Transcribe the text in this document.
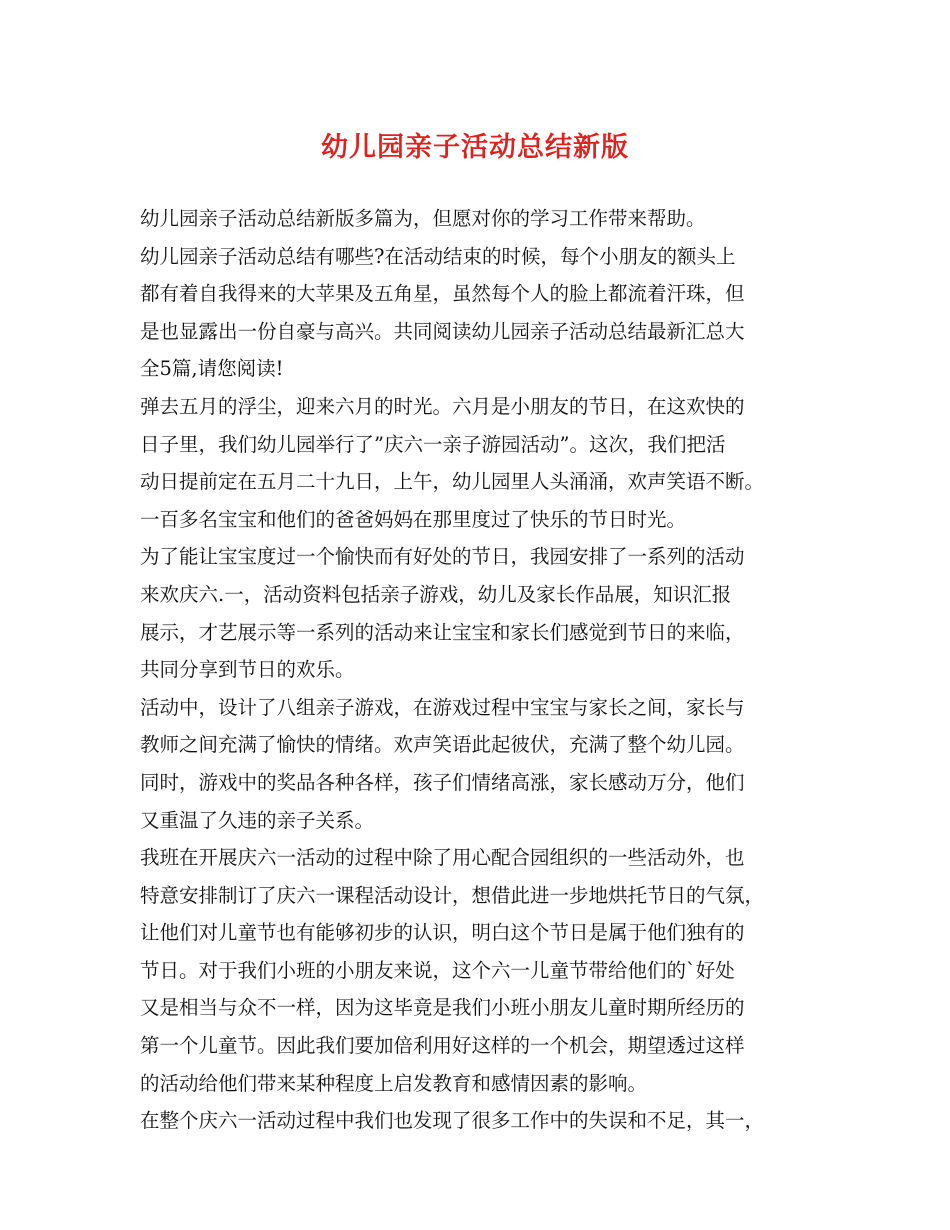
幼儿园亲子活动总结新版
幼儿园亲子活动总结新版多篇为，但愿对你的学习工作带来帮助。
幼儿园亲子活动总结有哪些?在活动结束的时候，每个小朋友的额头上
都有着自我得来的大苹果及五角星，虽然每个人的脸上都流着汗珠，但
是也显露出一份自豪与高兴。共同阅读幼儿园亲子活动总结最新汇总大
全5篇,请您阅读!
弹去五月的浮尘，迎来六月的时光。六月是小朋友的节日，在这欢快的
日子里，我们幼儿园举行了”庆六一亲子游园活动”。这次，我们把活
动日提前定在五月二十九日，上午，幼儿园里人头涌涌，欢声笑语不断。
一百多名宝宝和他们的爸爸妈妈在那里度过了快乐的节日时光。
为了能让宝宝度过一个愉快而有好处的节日，我园安排了一系列的活动
来欢庆六.一，活动资料包括亲子游戏，幼儿及家长作品展，知识汇报
展示，才艺展示等一系列的活动来让宝宝和家长们感觉到节日的来临，
共同分享到节日的欢乐。
活动中，设计了八组亲子游戏，在游戏过程中宝宝与家长之间，家长与
教师之间充满了愉快的情绪。欢声笑语此起彼伏，充满了整个幼儿园。
同时，游戏中的奖品各种各样，孩子们情绪高涨，家长感动万分，他们
又重温了久违的亲子关系。
我班在开展庆六一活动的过程中除了用心配合园组织的一些活动外，也
特意安排制订了庆六一课程活动设计，想借此进一步地烘托节日的气氛，
让他们对儿童节也有能够初步的认识，明白这个节日是属于他们独有的
节日。对于我们小班的小朋友来说，这个六一儿童节带给他们的`好处
又是相当与众不一样，因为这毕竟是我们小班小朋友儿童时期所经历的
第一个儿童节。因此我们要加倍利用好这样的一个机会，期望透过这样
的活动给他们带来某种程度上启发教育和感情因素的影响。
在整个庆六一活动过程中我们也发现了很多工作中的失误和不足，其一，
